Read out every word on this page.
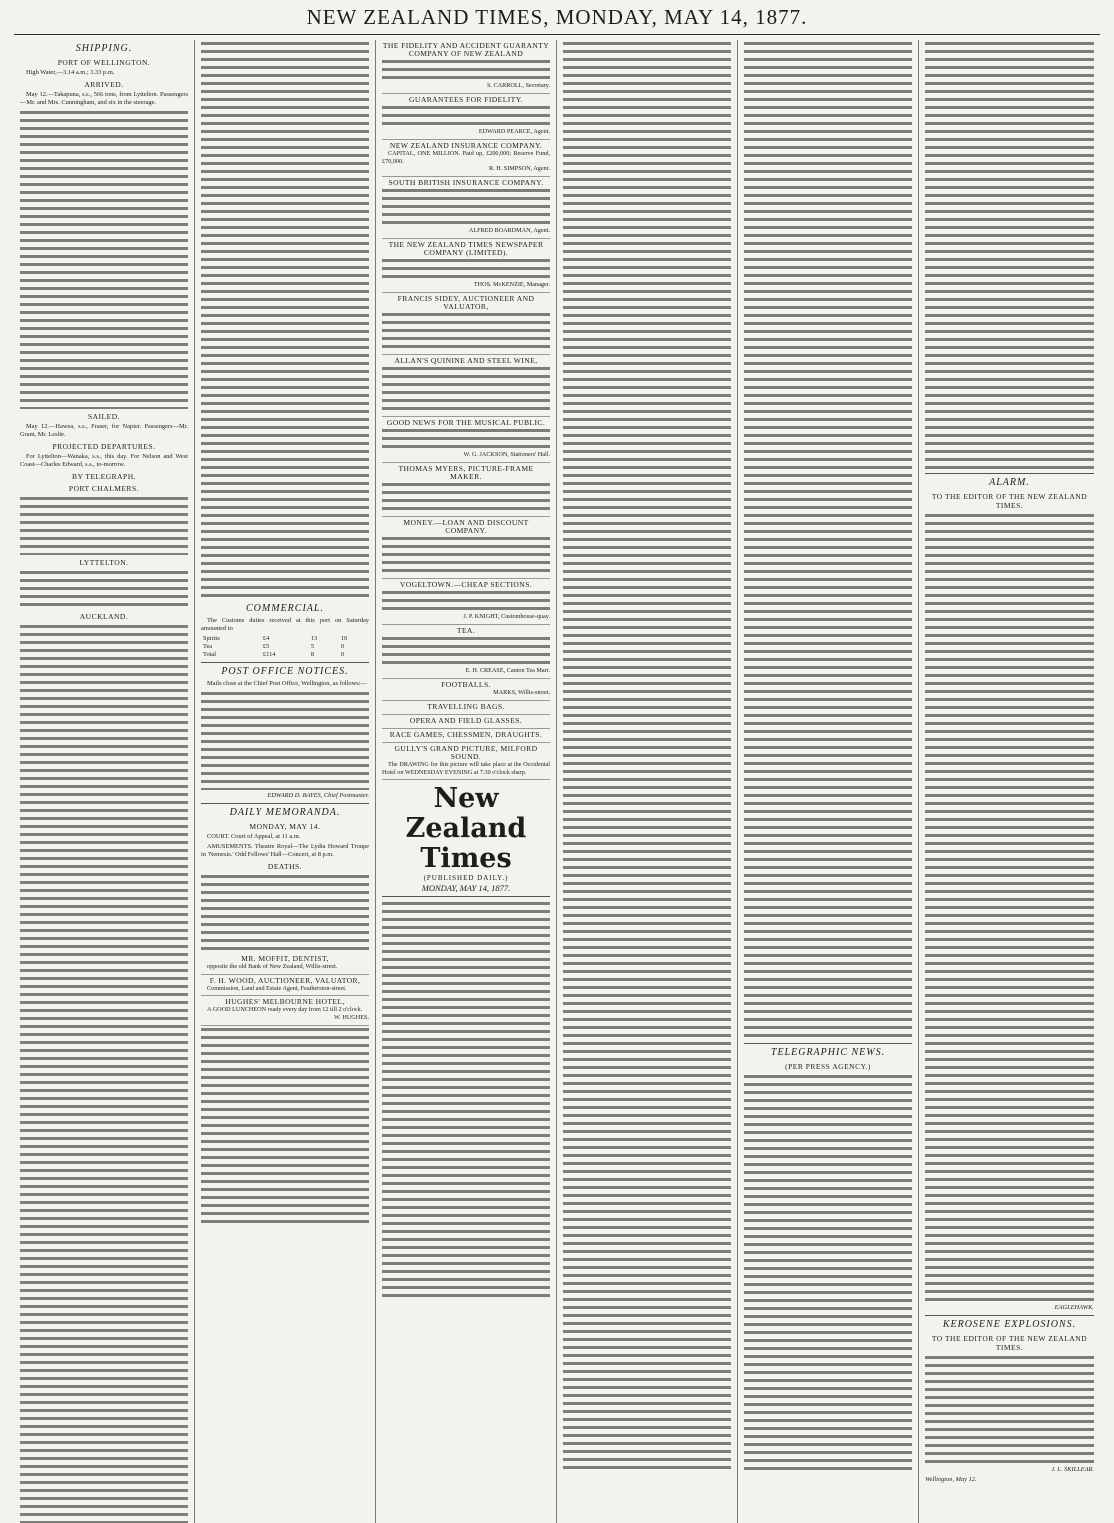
NEW ZEALAND TIMES, MONDAY, MAY 14, 1877.
SHIPPING.
PORT OF WELLINGTON.

High Water,—3.14 a.m.; 3.33 p.m.

ARRIVED.

May 12.—Takapuna, s.s., 566 tons, from Lyttelton. Passengers—Mr. and Mrs. Cunningham, and six in the steerage.

SAILED.

May 12.—Hawea, s.s., Fraser, for Napier. Passengers—Mr. Grant, Mr. Leslie.

PROJECTED DEPARTURES.

For Lyttelton—Wanaka, s.s., this day. For Nelson and West Coast—Charles Edward, s.s., to-morrow.

BY TELEGRAPH.
PORT CHALMERS.
LYTTELTON.
AUCKLAND.
COMMERCIAL.

The Customs duties received at this port on Saturday amounted to

Spirits	£4	13	10
Tea	£5	5	0
Total	£114	8	0
POST OFFICE NOTICES.

Mails close at the Chief Post Office, Wellington, as follows:—

EDWARD D. BAYES, Chief Postmaster.
DAILY MEMORANDA.
MONDAY, MAY 14.

COURT. Court of Appeal, at 11 a.m.

AMUSEMENTS. Theatre Royal—The Lydia Howard Troupe in 'Nemesis.' Odd Fellows' Hall—Concert, at 8 p.m.

DEATHS.
MR. MOFFIT, DENTIST,
opposite the old Bank of New Zealand, Willis-street.
F. H. WOOD, AUCTIONEER, VALUATOR,
Commission, Land and Estate Agent, Featherston-street.
HUGHES' MELBOURNE HOTEL,
A GOOD LUNCHEON ready every day from 12 till 2 o'clock.
W. HUGHES.
THE FIDELITY AND ACCIDENT GUARANTY COMPANY OF NEW ZEALAND
S. CARROLL, Secretary.
GUARANTEES FOR FIDELITY.
EDWARD PEARCE, Agent.
NEW ZEALAND INSURANCE COMPANY.
CAPITAL, ONE MILLION. Paid up, £200,000; Reserve Fund, £70,000.
R. H. SIMPSON, Agent.
SOUTH BRITISH INSURANCE COMPANY.
ALFRED BOARDMAN, Agent.
THE NEW ZEALAND TIMES NEWSPAPER COMPANY (LIMITED).
THOS. McKENZIE, Manager.
FRANCIS SIDEY, AUCTIONEER AND VALUATOR,
ALLAN'S QUININE AND STEEL WINE,
GOOD NEWS FOR THE MUSICAL PUBLIC.
W. G. JACKSON, Stationers' Hall.
THOMAS MYERS, PICTURE-FRAME MAKER.
MONEY.—LOAN AND DISCOUNT COMPANY.
VOGELTOWN.—CHEAP SECTIONS.
J. P. KNIGHT, Customhouse-quay.
TEA.
E. H. CREASE, Canton Tea Mart.
FOOTBALLS.
MARKS, Willis-street.
TRAVELLING BAGS.
OPERA AND FIELD GLASSES.
RACE GAMES, CHESSMEN, DRAUGHTS.
GULLY'S GRAND PICTURE, MILFORD SOUND.
The DRAWING for this picture will take place at the Occidental Hotel on WEDNESDAY EVENING at 7.30 o'clock sharp.
New Zealand Times
(PUBLISHED DAILY.)
MONDAY, MAY 14, 1877.
TELEGRAPHIC NEWS.
(PER PRESS AGENCY.)
ALARM.
TO THE EDITOR OF THE NEW ZEALAND TIMES.
EAGLEHAWK.
KEROSENE EXPLOSIONS.
TO THE EDITOR OF THE NEW ZEALAND TIMES.
J. L. SKILLEAR.
Wellington, May 12.
